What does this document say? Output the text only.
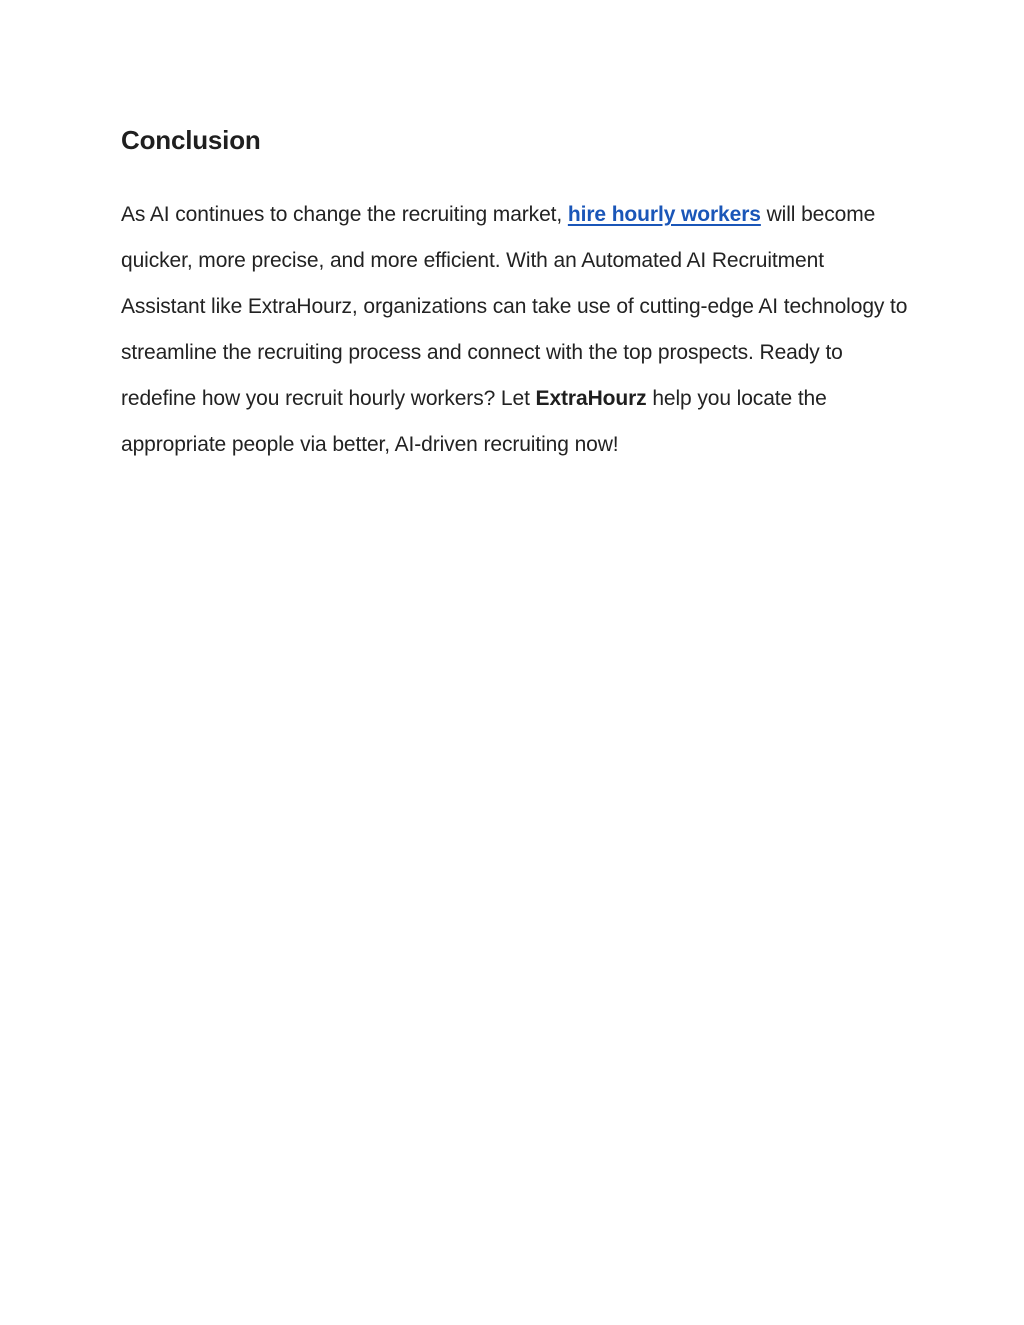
Conclusion

As AI continues to change the recruiting market, hire hourly workers will become quicker, more precise, and more efficient. With an Automated AI Recruitment Assistant like ExtraHourz, organizations can take use of cutting-edge AI technology to streamline the recruiting process and connect with the top prospects. Ready to redefine how you recruit hourly workers? Let ExtraHourz help you locate the appropriate people via better, AI-driven recruiting now!
